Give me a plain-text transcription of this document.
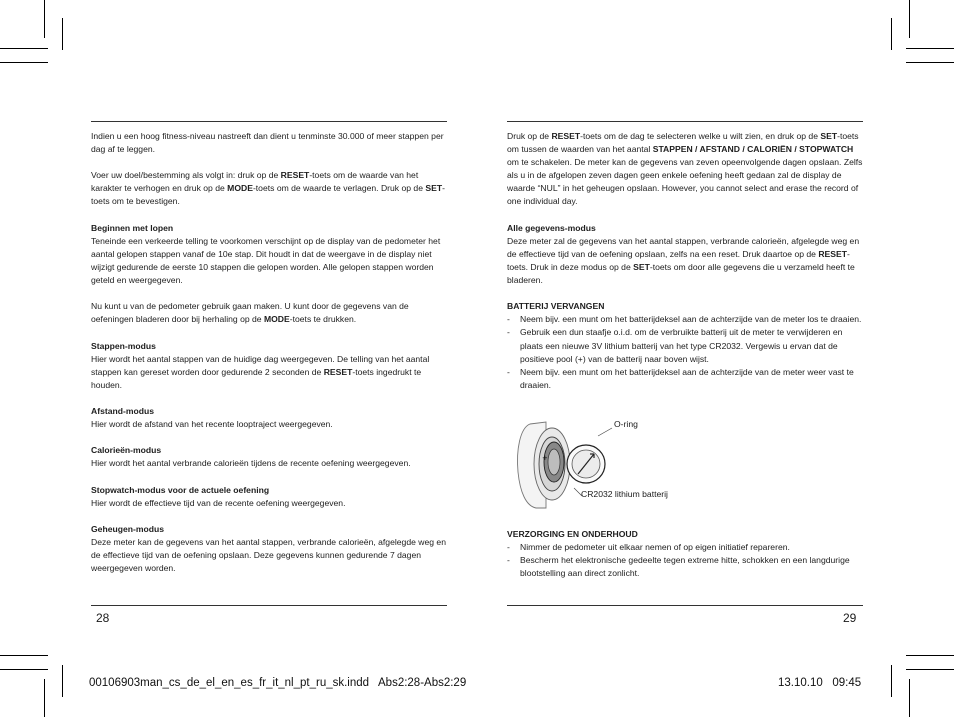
Indien u een hoog fitness-niveau nastreeft dan dient u tenminste 30.000 of meer stappen per dag af te leggen.

Voer uw doel/bestemming als volgt in: druk op de RESET-toets om de waarde van het karakter te verhogen en druk op de MODE-toets om de waarde te verlagen. Druk op de SET-toets om te bevestigen.

Beginnen met lopen

Teneinde een verkeerde telling te voorkomen verschijnt op de display van de pedometer het aantal gelopen stappen vanaf de 10e stap. Dit houdt in dat de weergave in de display niet wijzigt gedurende de eerste 10 stappen die gelopen worden. Alle gelopen stappen worden geteld en weergegeven.

Nu kunt u van de pedometer gebruik gaan maken. U kunt door de gegevens van de oefeningen bladeren door bij herhaling op de MODE-toets te drukken.

Stappen-modus

Hier wordt het aantal stappen van de huidige dag weergegeven. De telling van het aantal stappen kan gereset worden door gedurende 2 seconden de RESET-toets ingedrukt te houden.

Afstand-modus

Hier wordt de afstand van het recente looptraject weergegeven.

Calorieën-modus

Hier wordt het aantal verbrande calorieën tijdens de recente oefening weergegeven.

Stopwatch-modus voor de actuele oefening

Hier wordt de effectieve tijd van de recente oefening weergegeven.

Geheugen-modus

Deze meter kan de gegevens van het aantal stappen, verbrande calorieën, afgelegde weg en de effectieve tijd van de oefening opslaan. Deze gegevens kunnen gedurende 7 dagen weergegeven worden.

Druk op de RESET-toets om de dag te selecteren welke u wilt zien, en druk op de SET-toets om tussen de waarden van het aantal STAPPEN / AFSTAND / CALORIËN / STOPWATCH om te schakelen. De meter kan de gegevens van zeven opeenvolgende dagen opslaan. Zelfs als u in de afgelopen zeven dagen geen enkele oefening heeft gedaan zal de display de waarde “NUL” in het geheugen opslaan. However, you cannot select and erase the record of one individual day.

Alle gegevens-modus

Deze meter zal de gegevens van het aantal stappen, verbrande calorieën, afgelegde weg en de effectieve tijd van de oefening opslaan, zelfs na een reset. Druk daartoe op de RESET-toets. Druk in deze modus op de SET-toets om door alle gegevens die u verzameld heeft te bladeren.

BATTERIJ VERVANGEN

- Neem bijv. een munt om het batterijdeksel aan de achterzijde van de meter los te draaien.
- Gebruik een dun staafje o.i.d. om de verbruikte batterij uit de meter te verwijderen en plaats een nieuwe 3V lithium batterij van het type CR2032. Vergewis u ervan dat de positieve pool (+) van de batterij naar boven wijst.
- Neem bijv. een munt om het batterijdeksel aan de achterzijde van de meter weer vast te draaien.
+
O-ring
CR2032 lithium batterij

VERZORGING EN ONDERHOUD

- Nimmer de pedometer uit elkaar nemen of op eigen initiatief repareren.
- Bescherm het elektronische gedeelte tegen extreme hitte, schokken en een langdurige blootstelling aan direct zonlicht.
28	29
00106903man_cs_de_el_en_es_fr_it_nl_pt_ru_sk.indd   Abs2:28-Abs2:29	13.10.10   09:45
